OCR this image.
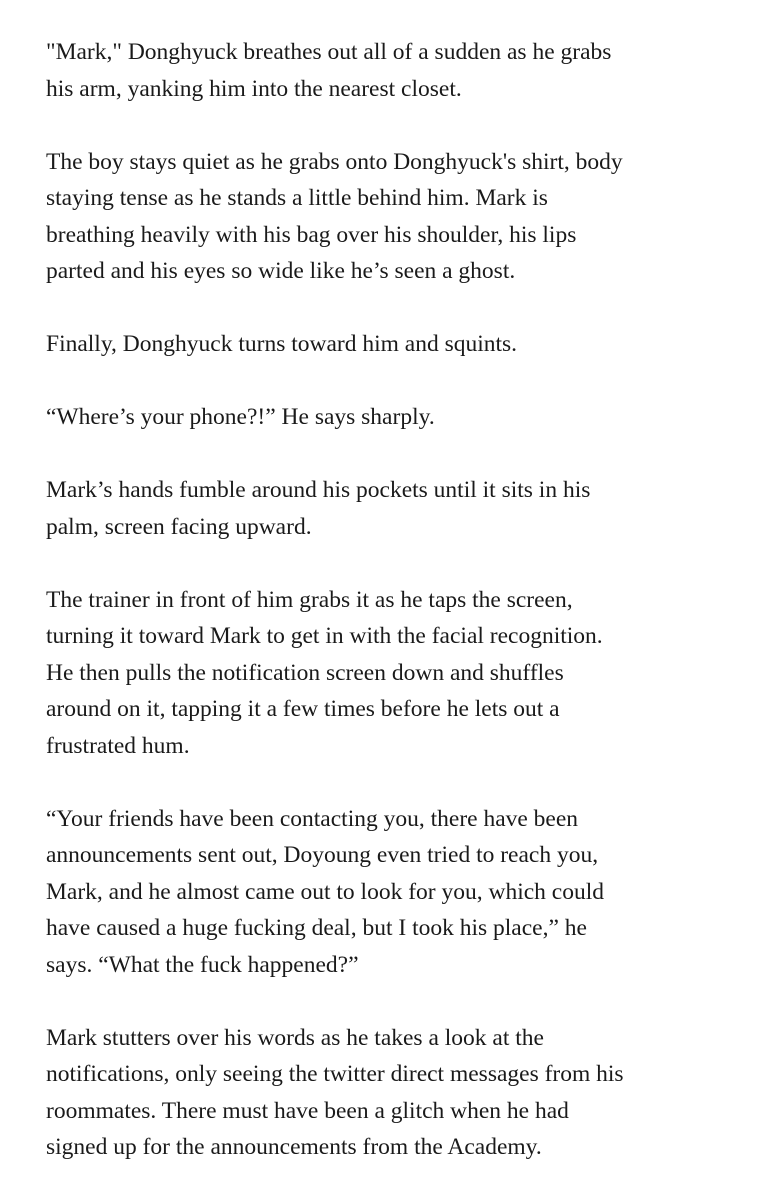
"Mark," Donghyuck breathes out all of a sudden as he grabs
his arm, yanking him into the nearest closet.

The boy stays quiet as he grabs onto Donghyuck's shirt, body
staying tense as he stands a little behind him. Mark is
breathing heavily with his bag over his shoulder, his lips
parted and his eyes so wide like he’s seen a ghost.

Finally, Donghyuck turns toward him and squints.

“Where’s your phone?!” He says sharply.

Mark’s hands fumble around his pockets until it sits in his
palm, screen facing upward.

The trainer in front of him grabs it as he taps the screen,
turning it toward Mark to get in with the facial recognition.
He then pulls the notification screen down and shuffles
around on it, tapping it a few times before he lets out a
frustrated hum.

“Your friends have been contacting you, there have been
announcements sent out, Doyoung even tried to reach you,
Mark, and he almost came out to look for you, which could
have caused a huge fucking deal, but I took his place,” he
says. “What the fuck happened?”

Mark stutters over his words as he takes a look at the
notifications, only seeing the twitter direct messages from his
roommates. There must have been a glitch when he had
signed up for the announcements from the Academy.
